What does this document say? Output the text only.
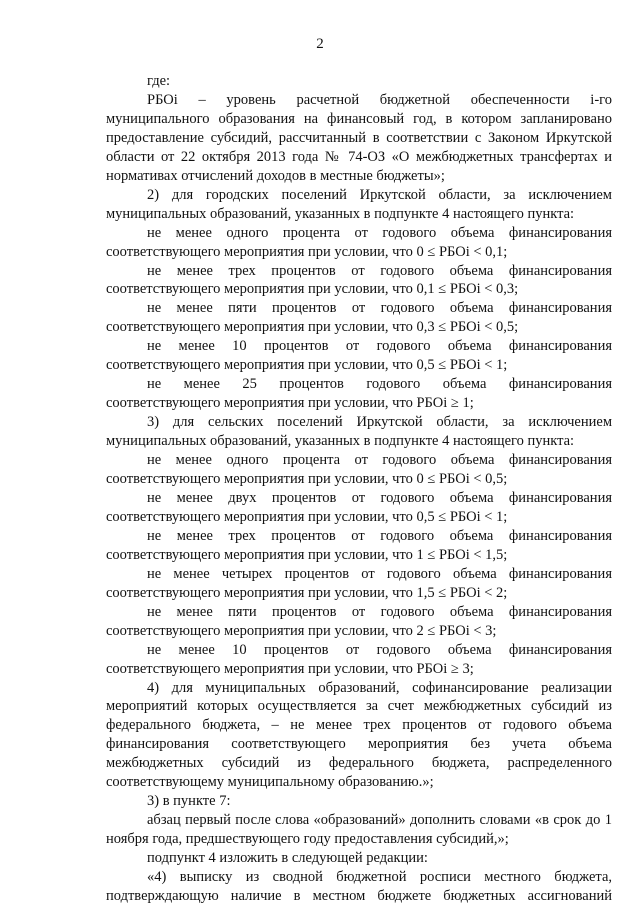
2

где:

РБОi – уровень расчетной бюджетной обеспеченности i-го муниципального образования на финансовый год, в котором запланировано предоставление субсидий, рассчитанный в соответствии с Законом Иркутской области от 22 октября 2013 года № 74-ОЗ «О межбюджетных трансфертах и нормативах отчислений доходов в местные бюджеты»;

2) для городских поселений Иркутской области, за исключением муниципальных образований, указанных в подпункте 4 настоящего пункта:

не менее одного процента от годового объема финансирования соответствующего мероприятия при условии, что 0 ≤ РБОi < 0,1;

не менее трех процентов от годового объема финансирования соответствующего мероприятия при условии, что 0,1 ≤ РБОi < 0,3;

не менее пяти процентов от годового объема финансирования соответствующего мероприятия при условии, что 0,3 ≤ РБОi < 0,5;

не менее 10 процентов от годового объема финансирования соответствующего мероприятия при условии, что 0,5 ≤ РБОi < 1;

не менее 25 процентов годового объема финансирования соответствующего мероприятия при условии, что РБОi ≥ 1;

3) для сельских поселений Иркутской области, за исключением муниципальных образований, указанных в подпункте 4 настоящего пункта:

не менее одного процента от годового объема финансирования соответствующего мероприятия при условии, что 0 ≤ РБОi < 0,5;

не менее двух процентов от годового объема финансирования соответствующего мероприятия при условии, что 0,5 ≤ РБОi < 1;

не менее трех процентов от годового объема финансирования соответствующего мероприятия при условии, что 1 ≤ РБОi < 1,5;

не менее четырех процентов от годового объема финансирования соответствующего мероприятия при условии, что 1,5 ≤ РБОi < 2;

не менее пяти процентов от годового объема финансирования соответствующего мероприятия при условии, что 2 ≤ РБОi < 3;

не менее 10 процентов от годового объема финансирования соответствующего мероприятия при условии, что РБОi ≥ 3;

4) для муниципальных образований, софинансирование реализации мероприятий которых осуществляется за счет межбюджетных субсидий из федерального бюджета, – не менее трех процентов от годового объема финансирования соответствующего мероприятия без учета объема межбюджетных субсидий из федерального бюджета, распределенного соответствующему муниципальному образованию.»;

3) в пункте 7:

абзац первый после слова «образований» дополнить словами «в срок до 1 ноября года, предшествующего году предоставления субсидий,»;

подпункт 4 изложить в следующей редакции:

«4) выписку из сводной бюджетной росписи местного бюджета, подтверждающую наличие в местном бюджете бюджетных ассигнований
